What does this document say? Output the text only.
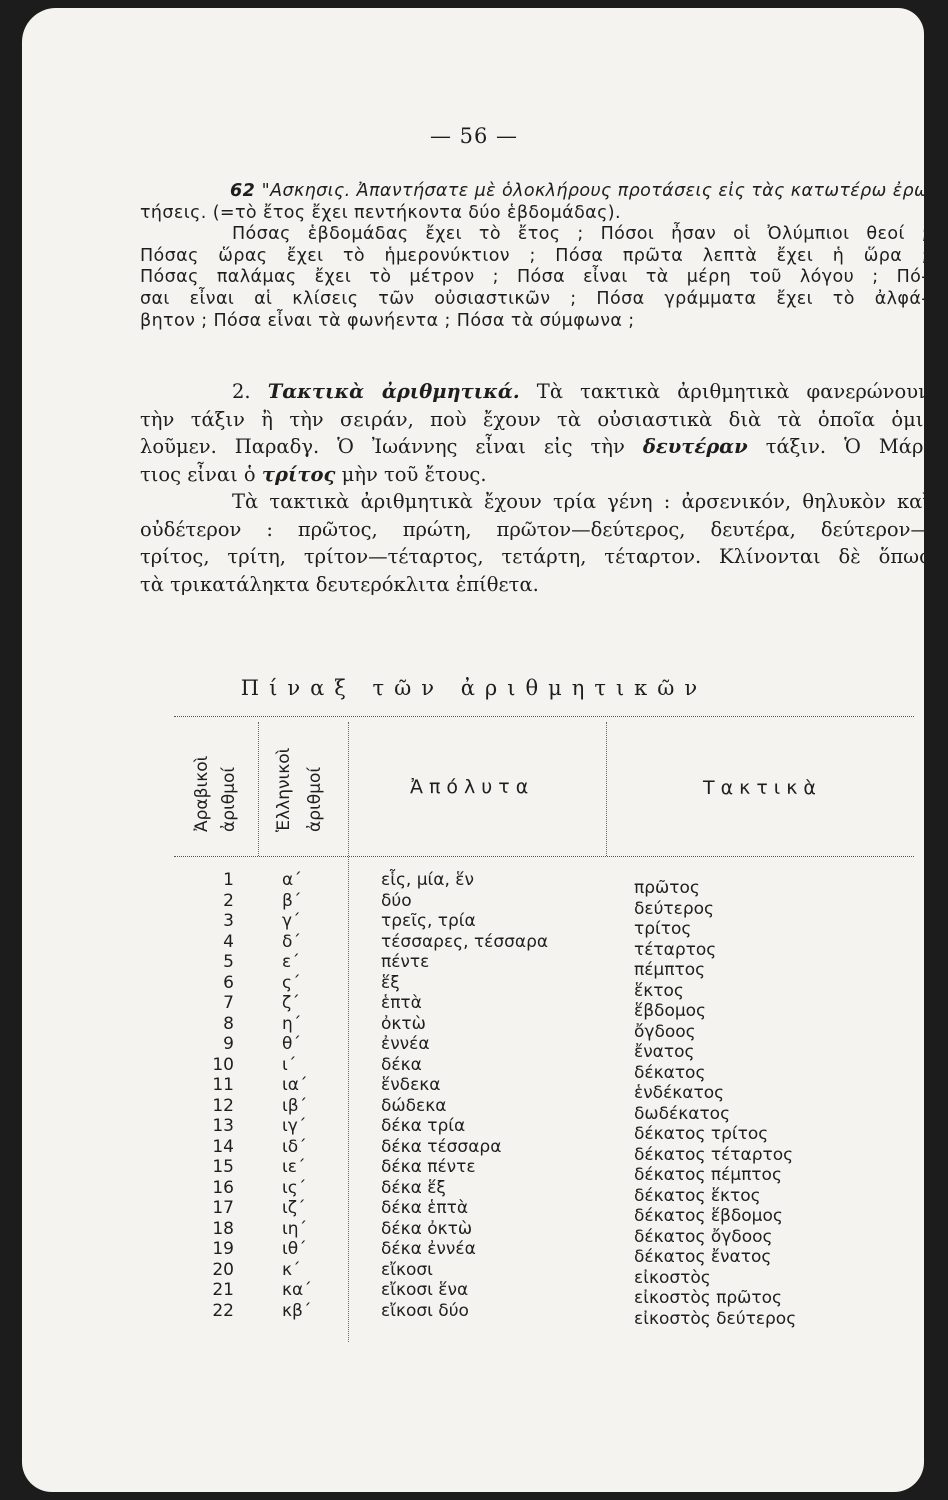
— 56 —
62 "Ασκησις. Ἀπαντήσατε μὲ ὁλοκλήρους προτάσεις εἰς τὰς κατωτέρω ἐρω-
τήσεις. (=τὸ ἔτος ἔχει πεντήκοντα δύο ἑβδομάδας).
Πόσας ἑβδομάδας ἔχει τὸ ἔτος ; Πόσοι ἦσαν οἱ Ὀλύμπιοι θεοί ;
Πόσας ὥρας ἔχει τὸ ἡμερονύκτιον ; Πόσα πρῶτα λεπτὰ ἔχει ἡ ὥρα ;
Πόσας παλάμας ἔχει τὸ μέτρον ; Πόσα εἶναι τὰ μέρη τοῦ λόγου ; Πό-
σαι εἶναι αἱ κλίσεις τῶν οὐσιαστικῶν ; Πόσα γράμματα ἔχει τὸ ἀλφά-
βητον ; Πόσα εἶναι τὰ φωνήεντα ; Πόσα τὰ σύμφωνα ;
2. Τακτικὰ ἀριθμητικά. Τὰ τακτικὰ ἀριθμητικὰ φανερώνουν
τὴν τάξιν ἢ τὴν σειράν, ποὺ ἔχουν τὰ οὐσιαστικὰ διὰ τὰ ὁποῖα ὁμι-
λοῦμεν. Παραδγ. Ὁ Ἰωάννης εἶναι εἰς τὴν δευτέραν τάξιν. Ὁ Μάρ-
τιος εἶναι ὁ τρίτος μὴν τοῦ ἔτους.
Τὰ τακτικὰ ἀριθμητικὰ ἔχουν τρία γένη : ἀρσενικόν, θηλυκὸν καὶ
οὐδέτερον : πρῶτος, πρώτη, πρῶτον—δεύτερος, δευτέρα, δεύτερον—
τρίτος, τρίτη, τρίτον—τέταρτος, τετάρτη, τέταρτον. Κλίνονται δὲ ὅπως
τὰ τρικατάληκτα δευτερόκλιτα ἐπίθετα.
Πίναξ τῶν ἀριθμητικῶν
Ἀραβικοὶ ἀριθμοί Ἑλληνικοὶ ἀριθμοί	Ἀπόλυτα	Τακτικὰ
1
2
3
4
5
6
7
8
9
10
11
12
13
14
15
16
17
18
19
20
21
22
α΄
β΄
γ΄
δ΄
ε΄
ς΄
ζ΄
η΄
θ΄
ι΄
ια΄
ιβ΄
ιγ΄
ιδ΄
ιε΄
ις΄
ιζ΄
ιη΄
ιθ΄
κ΄
κα΄
κβ΄
εἷς, μία, ἕν
δύο
τρεῖς, τρία
τέσσαρες, τέσσαρα
πέντε
ἕξ
ἑπτὰ
ὀκτὼ
ἐννέα
δέκα
ἕνδεκα
δώδεκα
δέκα τρία
δέκα τέσσαρα
δέκα πέντε
δέκα ἕξ
δέκα ἑπτὰ
δέκα ὀκτὼ
δέκα ἐννέα
εἴκοσι
εἴκοσι ἕνα
εἴκοσι δύο
πρῶτος
δεύτερος
τρίτος
τέταρτος
πέμπτος
ἕκτος
ἕβδομος
ὄγδοος
ἔνατος
δέκατος
ἑνδέκατος
δωδέκατος
δέκατος τρίτος
δέκατος τέταρτος
δέκατος πέμπτος
δέκατος ἕκτος
δέκατος ἕβδομος
δέκατος ὄγδοος
δέκατος ἔνατος
εἰκοστὸς
εἰκοστὸς πρῶτος
εἰκοστὸς δεύτερος
